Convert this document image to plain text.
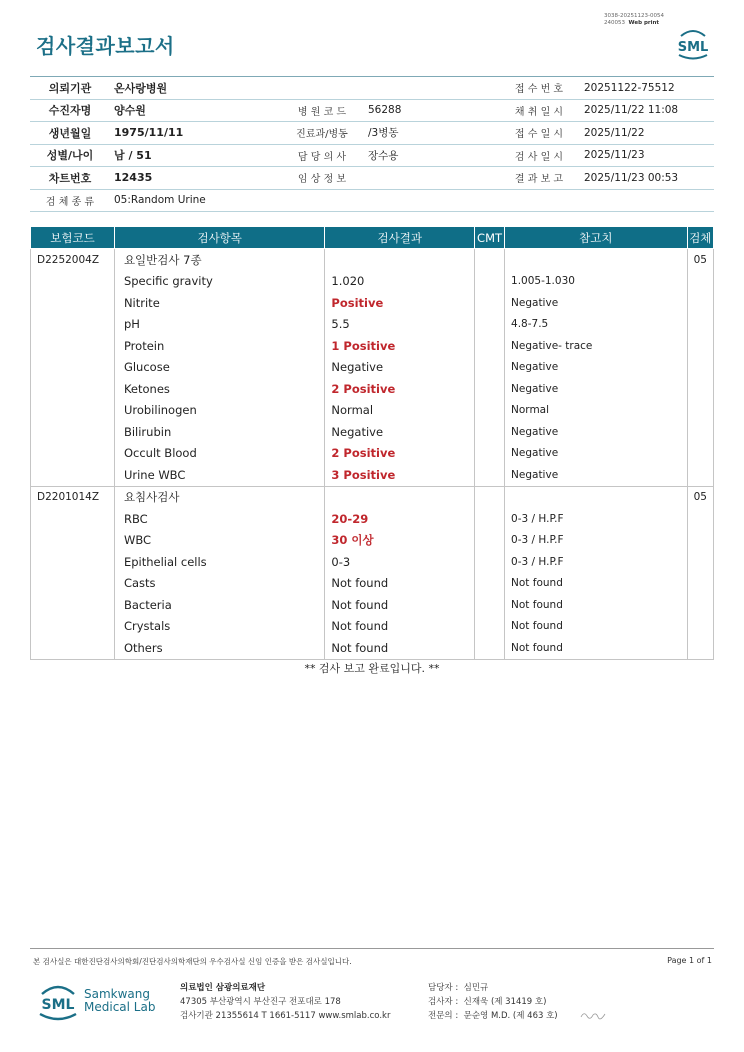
3038-20251123-0054
240053 Web print
검사결과보고서	SML
의뢰기관	온사랑병원			접 수 번 호	20251122-75512
수진자명	양수원	병 원 코 드	56288	채 취 일 시	2025/11/22 11:08
생년월일	1975/11/11	진료과/병동	/3병동	접 수 일 시	2025/11/22
성별/나이	남 / 51	담 당 의 사	장수용	검 사 일 시	2025/11/23
차트번호	12435	임 상 정 보		결 과 보 고	2025/11/23 00:53
검 체 종 류	05:Random Urine				
보험코드	검사항목	검사결과	CMT	참고치	검체
D2252004Z	요일반검사 7종				05
	Specific gravity	1.020		1.005-1.030	
	Nitrite	Positive		Negative	
	pH	5.5		4.8-7.5	
	Protein	1 Positive		Negative- trace	
	Glucose	Negative		Negative	
	Ketones	2 Positive		Negative	
	Urobilinogen	Normal		Normal	
	Bilirubin	Negative		Negative	
	Occult Blood	2 Positive		Negative	
	Urine WBC	3 Positive		Negative	
D2201014Z	요침사검사				05
	RBC	20-29		0-3 / H.P.F	
	WBC	30 이상		0-3 / H.P.F	
	Epithelial cells	0-3		0-3 / H.P.F	
	Casts	Not found		Not found	
	Bacteria	Not found		Not found	
	Crystals	Not found		Not found	
	Others	Not found		Not found	
** 검사 보고 완료입니다. **
본 검사실은 대한진단검사의학회/진단검사의학재단의 우수검사실 신임 인증을 받은 검사실입니다.	Page 1 of 1
SML
Samkwang
Medical Lab
의료법인 삼광의료재단
47305 부산광역시 부산진구 전포대로 178
검사기관 21355614 T 1661-5117 www.smlab.co.kr
담당자 : 심민규
검사자 : 신재욱 (제 31419 호)
전문의 : 문순영 M.D. (제 463 호)
